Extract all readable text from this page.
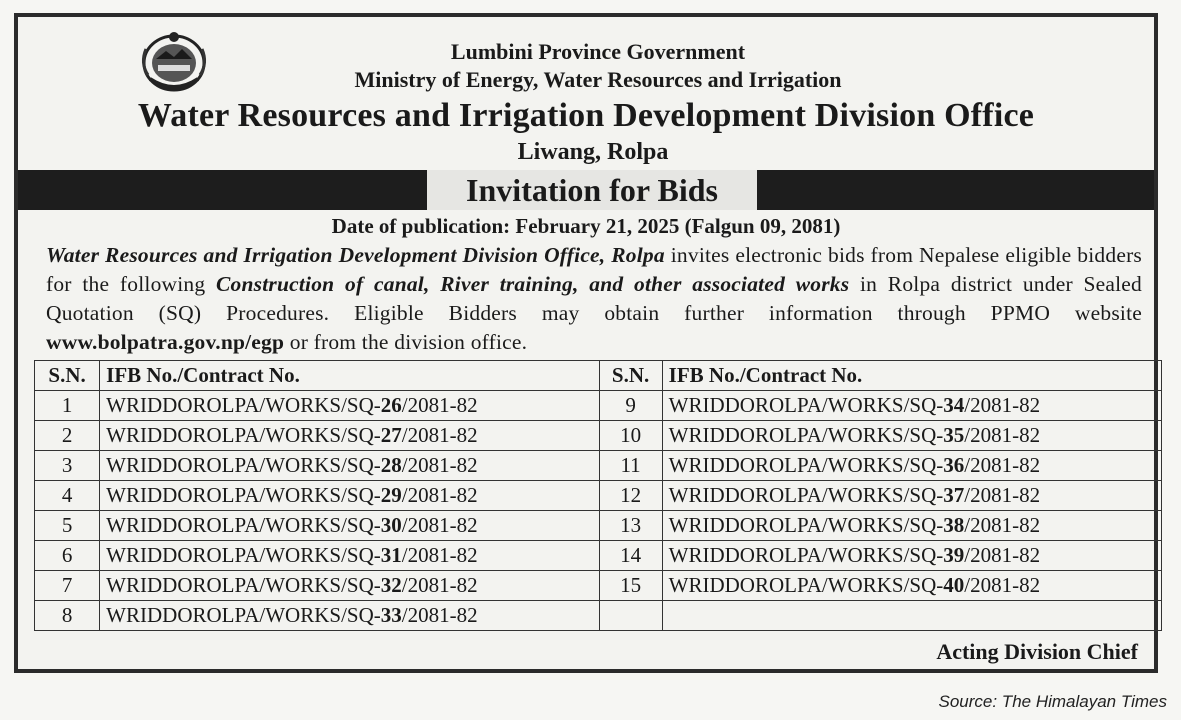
Lumbini Province Government
Ministry of Energy, Water Resources and Irrigation
Water Resources and Irrigation Development Division Office
Liwang, Rolpa
Invitation for Bids
Date of publication: February 21, 2025 (Falgun 09, 2081)
Water Resources and Irrigation Development Division Office, Rolpa invites electronic bids from Nepalese eligible bidders for the following Construction of canal, River training, and other associated works in Rolpa district under Sealed Quotation (SQ) Procedures. Eligible Bidders may obtain further information through PPMO website www.bolpatra.gov.np/egp or from the division office.
S.N.	IFB No./Contract No.	S.N.	IFB No./Contract No.
1	WRIDDOROLPA/WORKS/SQ-26/2081-82	9	WRIDDOROLPA/WORKS/SQ-34/2081-82
2	WRIDDOROLPA/WORKS/SQ-27/2081-82	10	WRIDDOROLPA/WORKS/SQ-35/2081-82
3	WRIDDOROLPA/WORKS/SQ-28/2081-82	11	WRIDDOROLPA/WORKS/SQ-36/2081-82
4	WRIDDOROLPA/WORKS/SQ-29/2081-82	12	WRIDDOROLPA/WORKS/SQ-37/2081-82
5	WRIDDOROLPA/WORKS/SQ-30/2081-82	13	WRIDDOROLPA/WORKS/SQ-38/2081-82
6	WRIDDOROLPA/WORKS/SQ-31/2081-82	14	WRIDDOROLPA/WORKS/SQ-39/2081-82
7	WRIDDOROLPA/WORKS/SQ-32/2081-82	15	WRIDDOROLPA/WORKS/SQ-40/2081-82
8	WRIDDOROLPA/WORKS/SQ-33/2081-82		
Acting Division Chief
Source: The Himalayan Times
